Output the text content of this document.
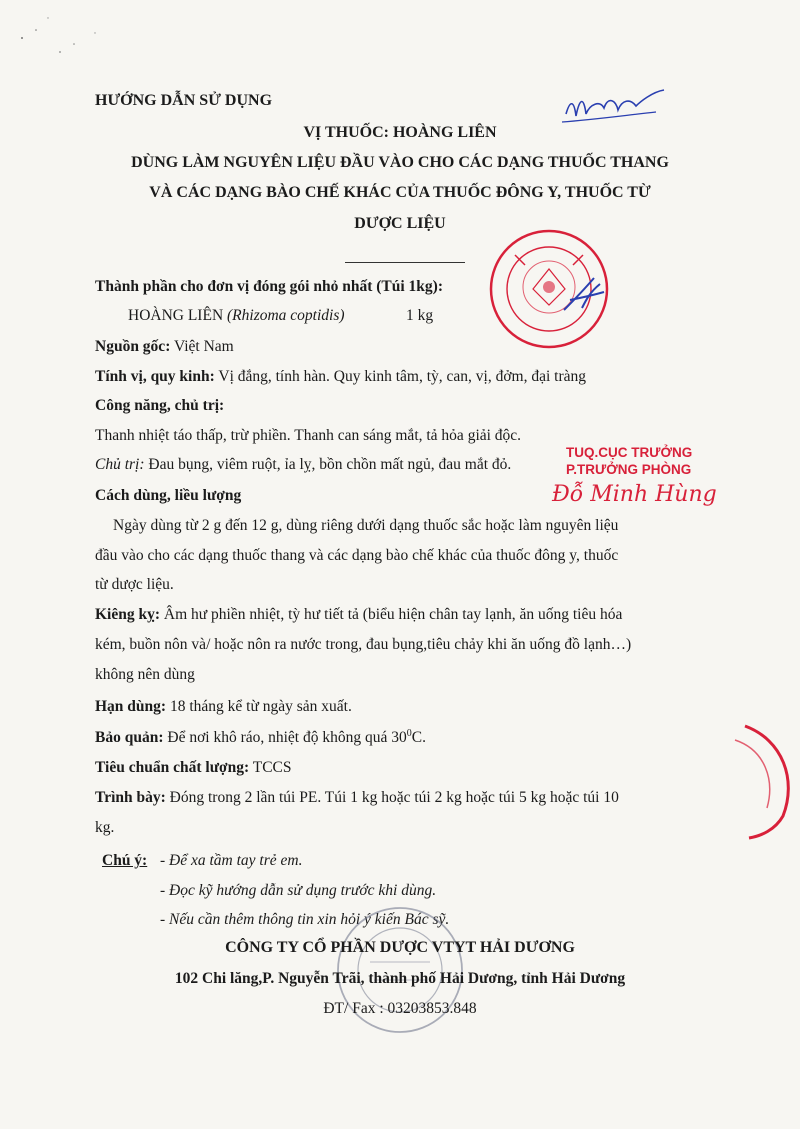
HƯỚNG DẪN SỬ DỤNG
VỊ THUỐC: HOÀNG LIÊN
DÙNG LÀM NGUYÊN LIỆU ĐẦU VÀO CHO CÁC DẠNG THUỐC THANG
VÀ CÁC DẠNG BÀO CHẾ KHÁC CỦA THUỐC ĐÔNG Y, THUỐC TỪ
DƯỢC LIỆU
Thành phần cho đơn vị đóng gói nhỏ nhất (Túi 1kg):
HOÀNG LIÊN (Rhizoma coptidis)	1 kg
Nguồn gốc: Việt Nam
Tính vị, quy kinh: Vị đắng, tính hàn. Quy kinh tâm, tỳ, can, vị, đởm, đại tràng
Công năng, chủ trị:
Thanh nhiệt táo thấp, trừ phiền. Thanh can sáng mắt, tả hỏa giải độc.
Chủ trị: Đau bụng, viêm ruột, ỉa lỵ, bồn chồn mất ngủ, đau mắt đỏ.
TUQ.CỤC TRƯỞNG
P.TRƯỞNG PHÒNG
Đỗ Minh Hùng
Cách dùng, liều lượng
Ngày dùng từ 2 g đến 12 g, dùng riêng dưới dạng thuốc sắc hoặc làm nguyên liệu
đầu vào cho các dạng thuốc thang và các dạng bào chế khác của thuốc đông y, thuốc
từ dược liệu.
Kiêng kỵ: Âm hư phiền nhiệt, tỳ hư tiết tả (biểu hiện chân tay lạnh, ăn uống tiêu hóa
kém, buồn nôn và/ hoặc nôn ra nước trong, đau bụng,tiêu chảy khi ăn uống đồ lạnh…)
không nên dùng
Hạn dùng: 18 tháng kể từ ngày sản xuất.
Bảo quản: Để nơi khô ráo, nhiệt độ không quá $30^0C$.
Tiêu chuẩn chất lượng: TCCS
Trình bày: Đóng trong 2 lần túi PE. Túi 1 kg hoặc túi 2 kg hoặc túi 5 kg hoặc túi 10
kg.
Chú ý: - Để xa tầm tay trẻ em.
- Đọc kỹ hướng dẫn sử dụng trước khi dùng.
- Nếu cần thêm thông tin xin hỏi ý kiến Bác sỹ.
CÔNG TY CỔ PHẦN DƯỢC VTYT HẢI DƯƠNG
102 Chi lăng,P. Nguyễn Trãi, thành phố Hải Dương, tỉnh Hải Dương
ĐT/ Fax : 03203853.848
